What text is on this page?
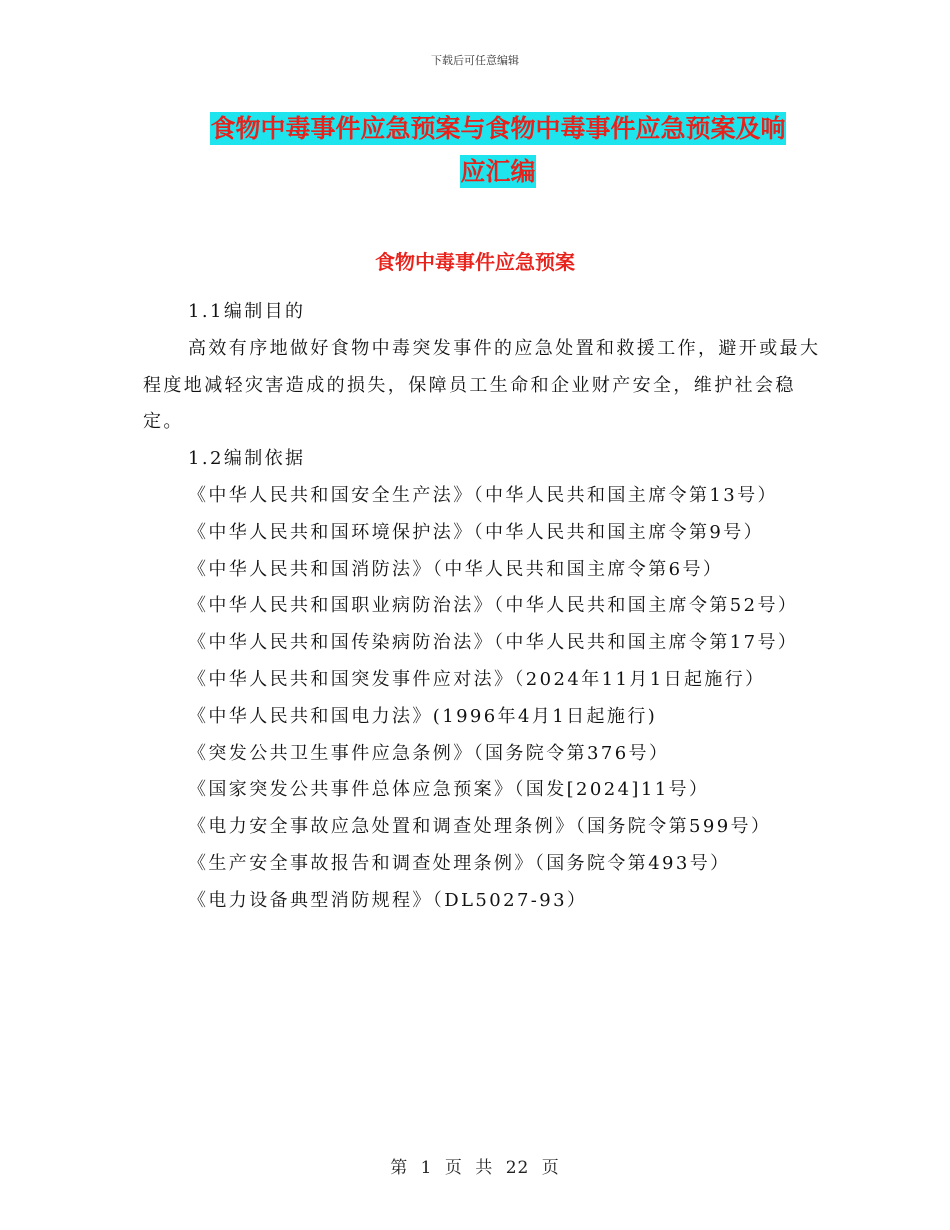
下载后可任意编辑
食物中毒事件应急预案与食物中毒事件应急预案及响
应汇编
食物中毒事件应急预案

1.1编制目的

高效有序地做好食物中毒突发事件的应急处置和救援工作，避开或最大程度地减轻灾害造成的损失，保障员工生命和企业财产安全，维护社会稳定。

1.2编制依据

《中华人民共和国安全生产法》（中华人民共和国主席令第13号）

《中华人民共和国环境保护法》（中华人民共和国主席令第9号）

《中华人民共和国消防法》（中华人民共和国主席令第6号）

《中华人民共和国职业病防治法》（中华人民共和国主席令第52号）

《中华人民共和国传染病防治法》（中华人民共和国主席令第17号）

《中华人民共和国突发事件应对法》（2024年11月1日起施行）

《中华人民共和国电力法》(1996年4月1日起施行)

《突发公共卫生事件应急条例》（国务院令第376号）

《国家突发公共事件总体应急预案》（国发[2024]11号）

《电力安全事故应急处置和调查处理条例》（国务院令第599号）

《生产安全事故报告和调查处理条例》（国务院令第493号）

《电力设备典型消防规程》（DL5027-93）

第 1 页 共 22 页
